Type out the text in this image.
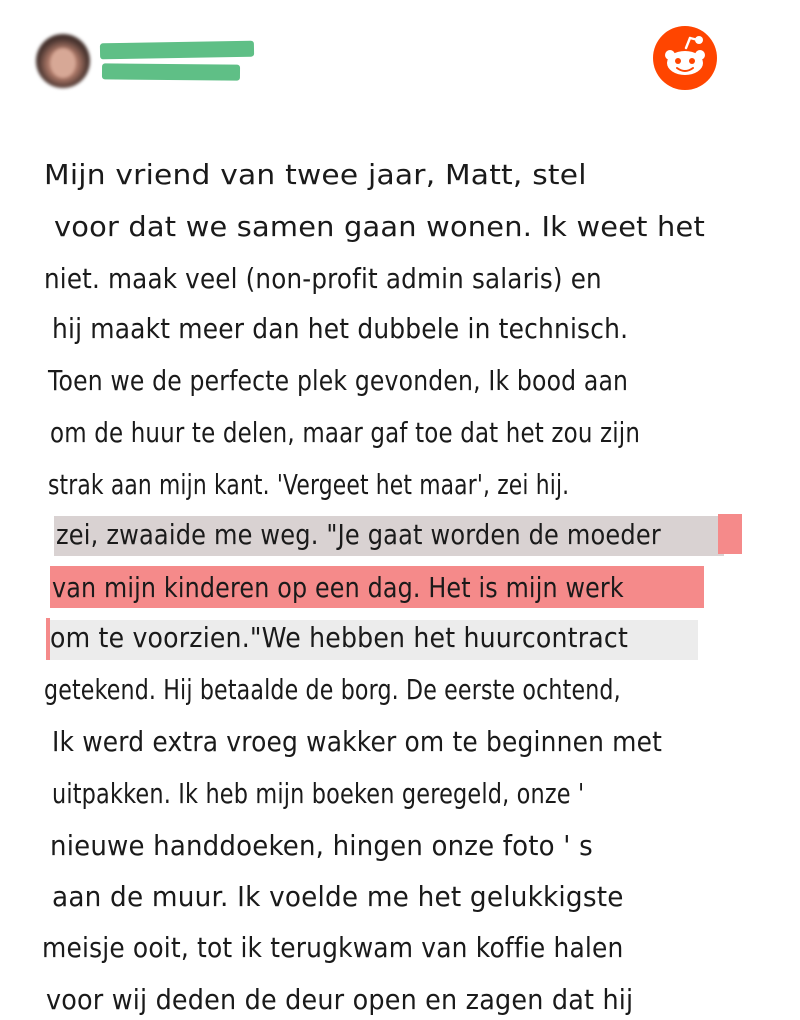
Mijn vriend van twee jaar, Matt, stel
voor dat we samen gaan wonen. Ik weet het
niet. maak veel (non-profit admin salaris) en
hij maakt meer dan het dubbele in technisch.
Toen we de perfecte plek gevonden, Ik bood aan
om de huur te delen, maar gaf toe dat het zou zijn
strak aan mijn kant. 'Vergeet het maar', zei hij.
zei, zwaaide me weg. "Je gaat worden de moeder
van mijn kinderen op een dag. Het is mijn werk
om te voorzien."We hebben het huurcontract
getekend. Hij betaalde de borg. De eerste ochtend,
Ik werd extra vroeg wakker om te beginnen met
uitpakken. Ik heb mijn boeken geregeld, onze '
nieuwe handdoeken, hingen onze foto ' s
aan de muur. Ik voelde me het gelukkigste
meisje ooit, tot ik terugkwam van koffie halen
voor wij deden de deur open en zagen dat hij
